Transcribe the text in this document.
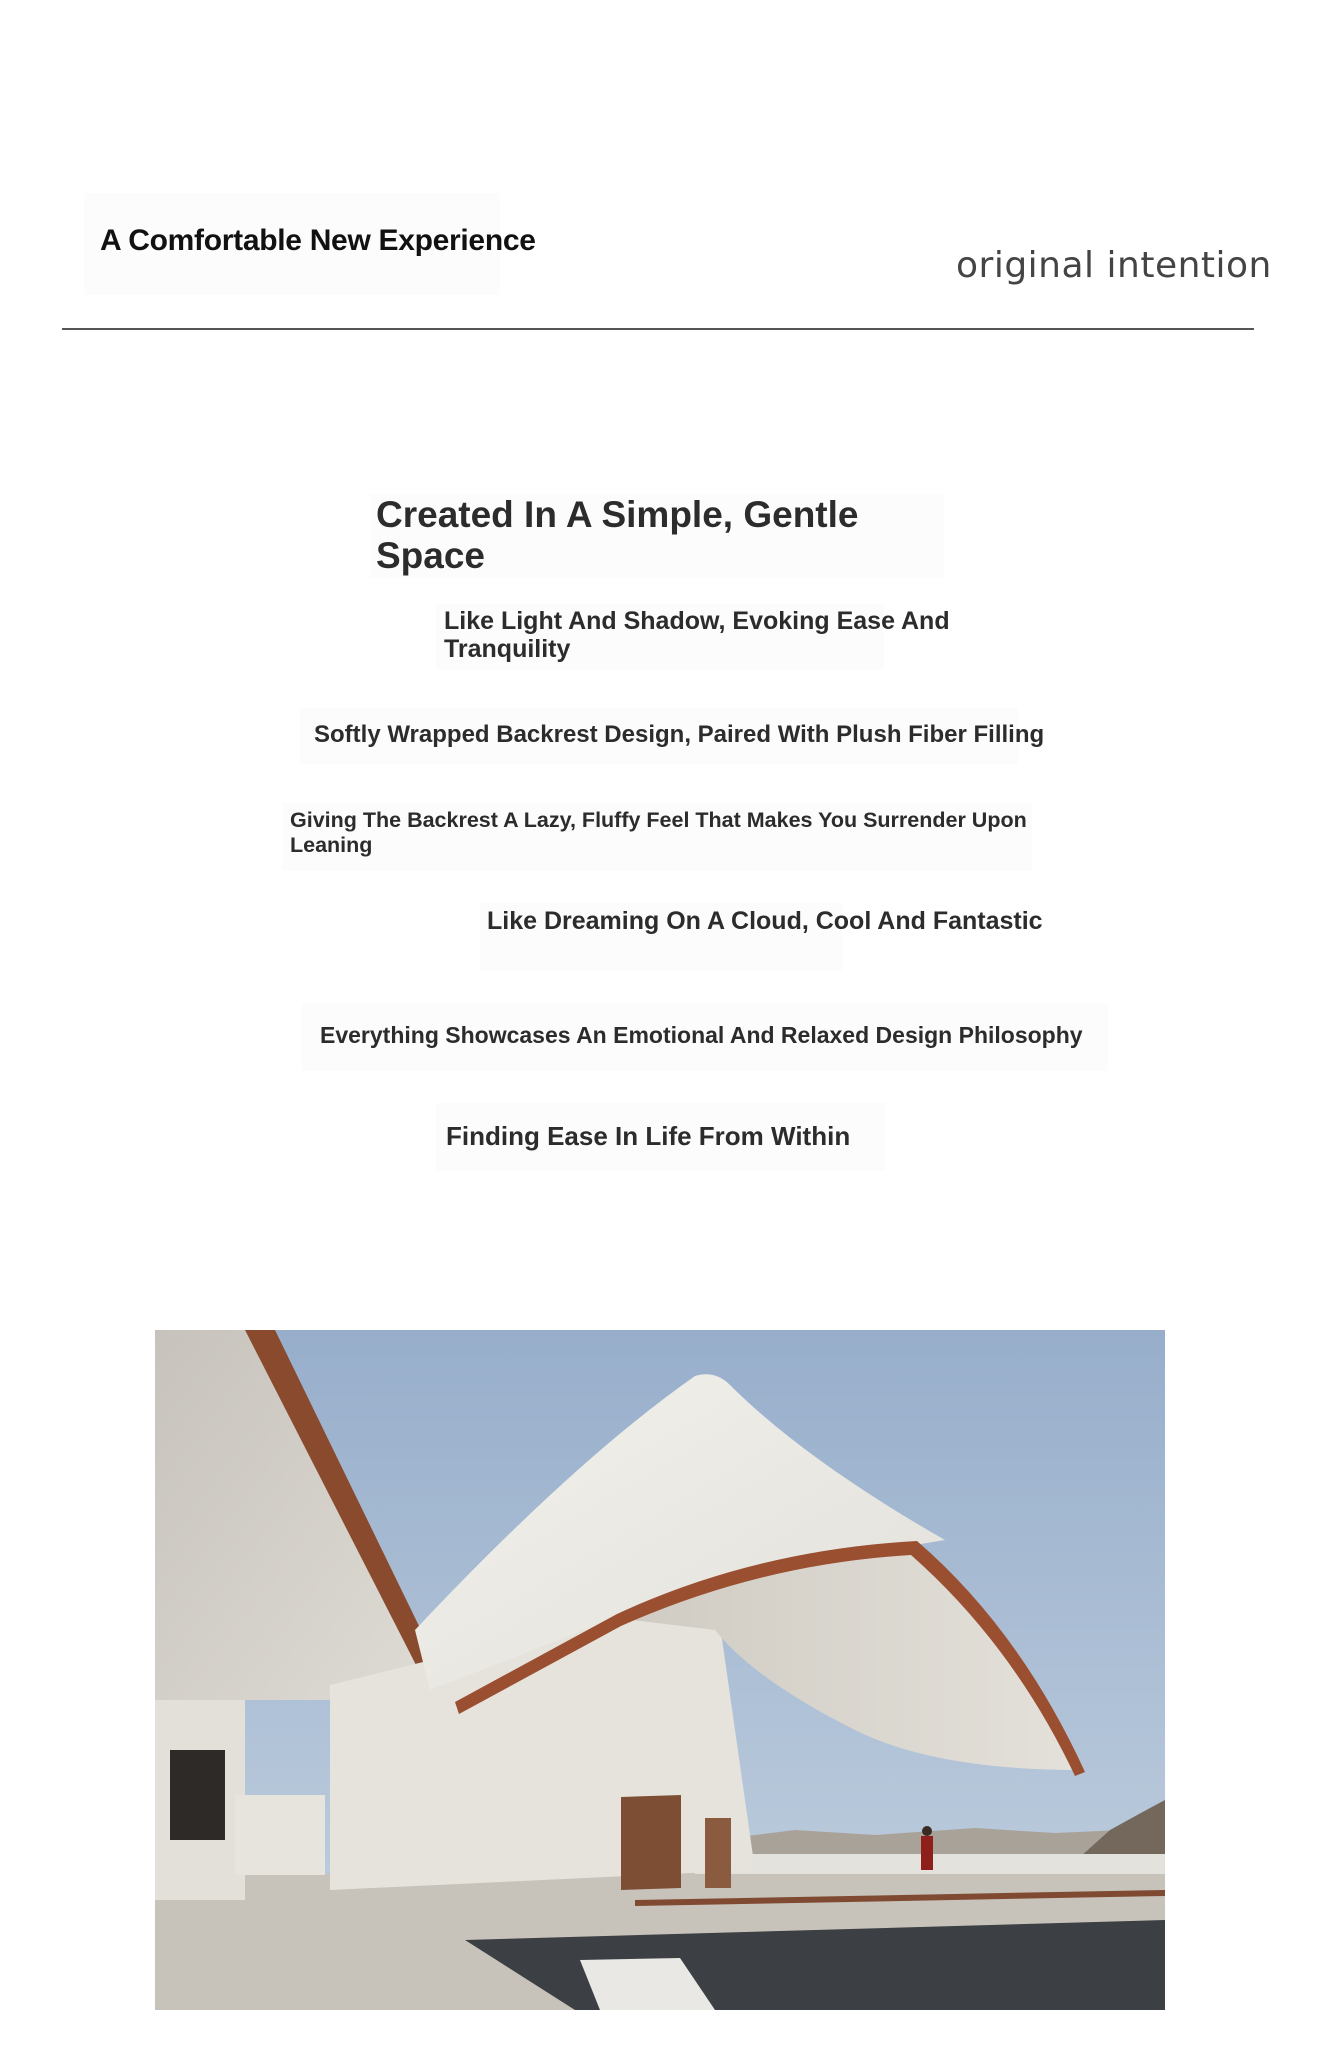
A Comfortable New Experience
original intention
Created In A Simple, Gentle Space

Like Light And Shadow, Evoking Ease And Tranquility

Softly Wrapped Backrest Design, Paired With Plush Fiber Filling

Giving The Backrest A Lazy, Fluffy Feel That Makes You Surrender Upon Leaning

Like Dreaming On A Cloud, Cool And Fantastic

Everything Showcases An Emotional And Relaxed Design Philosophy

Finding Ease In Life From Within
